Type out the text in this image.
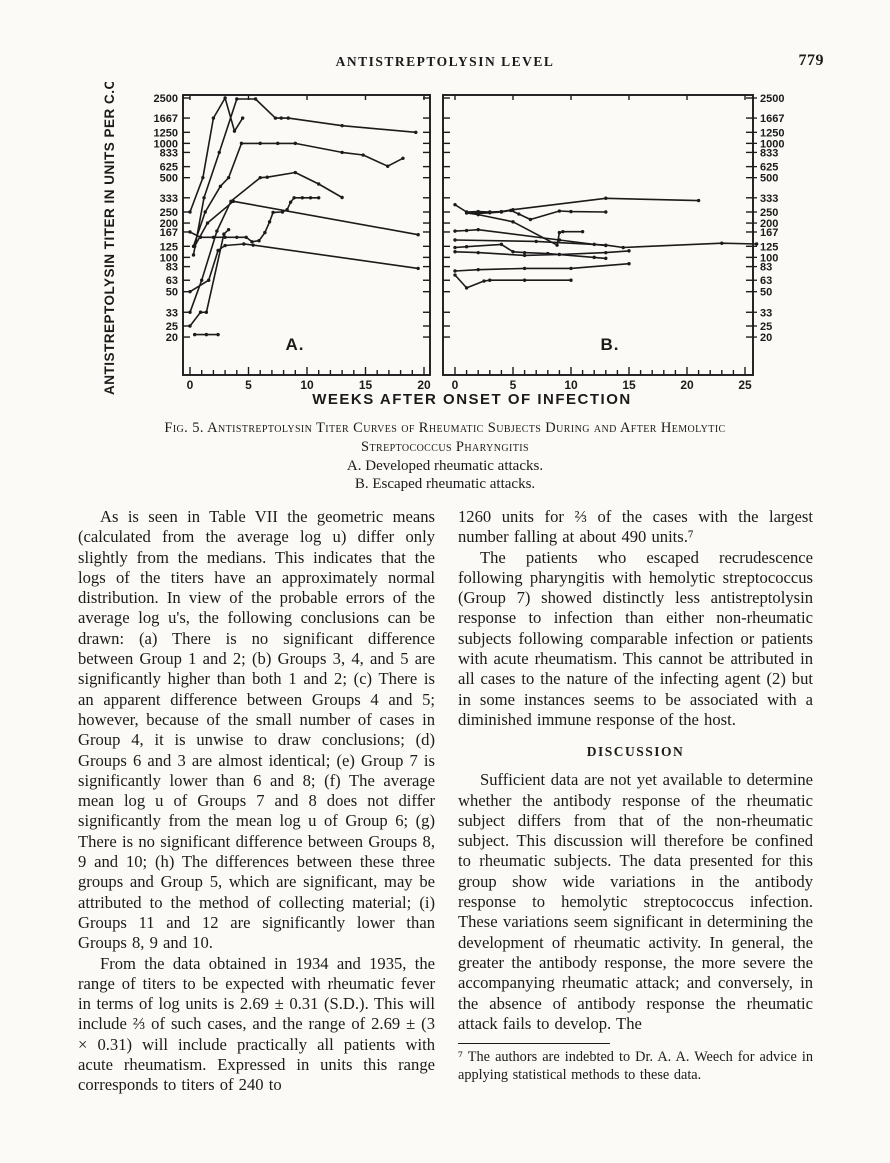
ANTISTREPTOLYSIN LEVEL	779
0	5	10	15	20
A.
0	5	10	15	20	25
B.
2500	2500
1667	1667
1250	1250
1000	1000
833	833
625	625
500	500
333	333
250	250
200	200
167	167
125	125
100	100
83	83
63	63
50	50
33	33
25	25
20	20
ANTISTREPTOLYSIN TITER IN UNITS PER C.C.
WEEKS AFTER ONSET OF INFECTION
Fig. 5. Antistreptolysin Titer Curves of Rheumatic Subjects During and After Hemolytic
Streptococcus Pharyngitis
A. Developed rheumatic attacks.
B. Escaped rheumatic attacks.

As is seen in Table VII the geometric means (calculated from the average log u) differ only slightly from the medians. This indicates that the logs of the titers have an approximately normal distribution. In view of the probable errors of the average log u's, the following conclusions can be drawn: (a) There is no significant difference between Group 1 and 2; (b) Groups 3, 4, and 5 are significantly higher than both 1 and 2; (c) There is an apparent difference between Groups 4 and 5; however, because of the small number of cases in Group 4, it is unwise to draw conclusions; (d) Groups 6 and 3 are almost identical; (e) Group 7 is significantly lower than 6 and 8; (f) The average mean log u of Groups 7 and 8 does not differ significantly from the mean log u of Group 6; (g) There is no significant difference between Groups 8, 9 and 10; (h) The differences between these three groups and Group 5, which are significant, may be attributed to the method of collecting material; (i) Groups 11 and 12 are significantly lower than Groups 8, 9 and 10.

From the data obtained in 1934 and 1935, the range of titers to be expected with rheumatic fever in terms of log units is 2.69 ± 0.31 (S.D.). This will include ⅔ of such cases, and the range of 2.69 ± (3 × 0.31) will include practically all patients with acute rheumatism. Expressed in units this range corresponds to titers of 240 to

1260 units for ⅔ of the cases with the largest number falling at about 490 units.⁷

The patients who escaped recrudescence following pharyngitis with hemolytic streptococcus (Group 7) showed distinctly less antistreptolysin response to infection than either non-rheumatic subjects following comparable infection or patients with acute rheumatism. This cannot be attributed in all cases to the nature of the infecting agent (2) but in some instances seems to be associated with a diminished immune response of the host.

DISCUSSION

Sufficient data are not yet available to determine whether the antibody response of the rheumatic subject differs from that of the non-rheumatic subject. This discussion will therefore be confined to rheumatic subjects. The data presented for this group show wide variations in the antibody response to hemolytic streptococcus infection. These variations seem significant in determining the development of rheumatic activity. In general, the greater the antibody response, the more severe the accompanying rheumatic attack; and conversely, in the absence of antibody response the rheumatic attack fails to develop. The

⁷ The authors are indebted to Dr. A. A. Weech for advice in applying statistical methods to these data.
